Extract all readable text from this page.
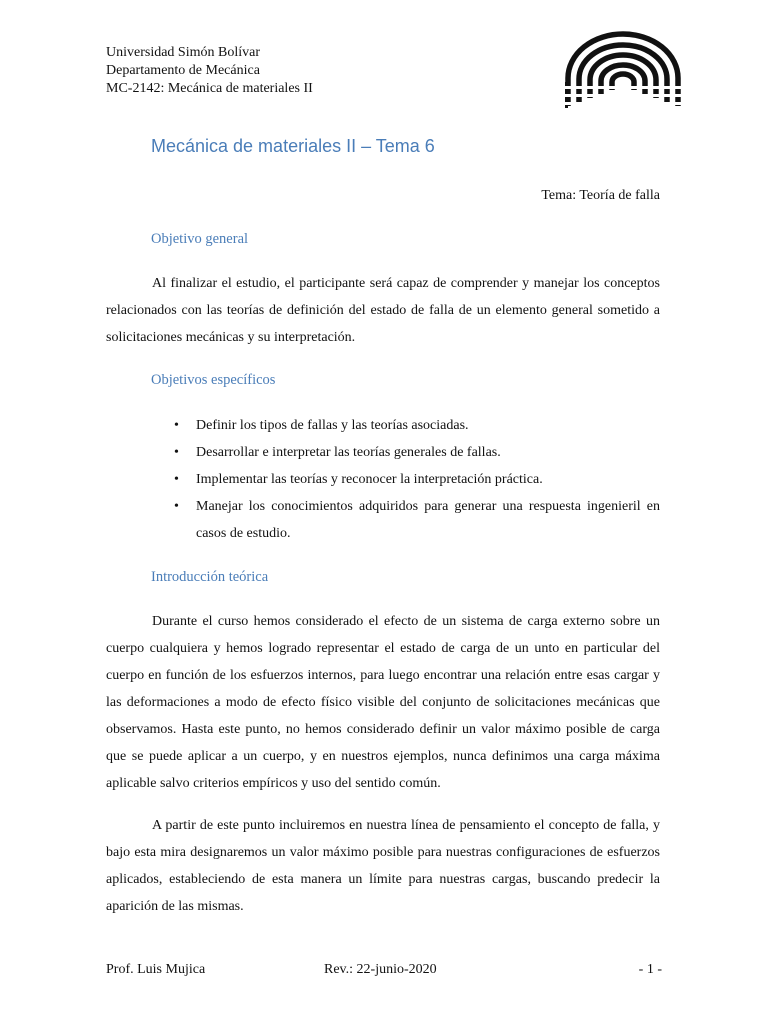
Universidad Simón Bolívar
Departamento de Mecánica
MC-2142: Mecánica de materiales II
Mecánica de materiales II – Tema 6
Tema: Teoría de falla
Objetivo general

Al finalizar el estudio, el participante será capaz de comprender y manejar los conceptos relacionados con las teorías de definición del estado de falla de un elemento general sometido a solicitaciones mecánicas y su interpretación.

Objetivos específicos
• Definir los tipos de fallas y las teorías asociadas.
• Desarrollar e interpretar las teorías generales de fallas.
• Implementar las teorías y reconocer la interpretación práctica.
• Manejar los conocimientos adquiridos para generar una respuesta ingenieril en casos de estudio.
Introducción teórica

Durante el curso hemos considerado el efecto de un sistema de carga externo sobre un cuerpo cualquiera y hemos logrado representar el estado de carga de un unto en particular del cuerpo en función de los esfuerzos internos, para luego encontrar una relación entre esas cargar y las deformaciones a modo de efecto físico visible del conjunto de solicitaciones mecánicas que observamos. Hasta este punto, no hemos considerado definir un valor máximo posible de carga que se puede aplicar a un cuerpo, y en nuestros ejemplos, nunca definimos una carga máxima aplicable salvo criterios empíricos y uso del sentido común.

A partir de este punto incluiremos en nuestra línea de pensamiento el concepto de falla, y bajo esta mira designaremos un valor máximo posible para nuestras configuraciones de esfuerzos aplicados, estableciendo de esta manera un límite para nuestras cargas, buscando predecir la aparición de las mismas.

Prof. Luis Mujica	Rev.: 22-junio-2020	- 1 -
